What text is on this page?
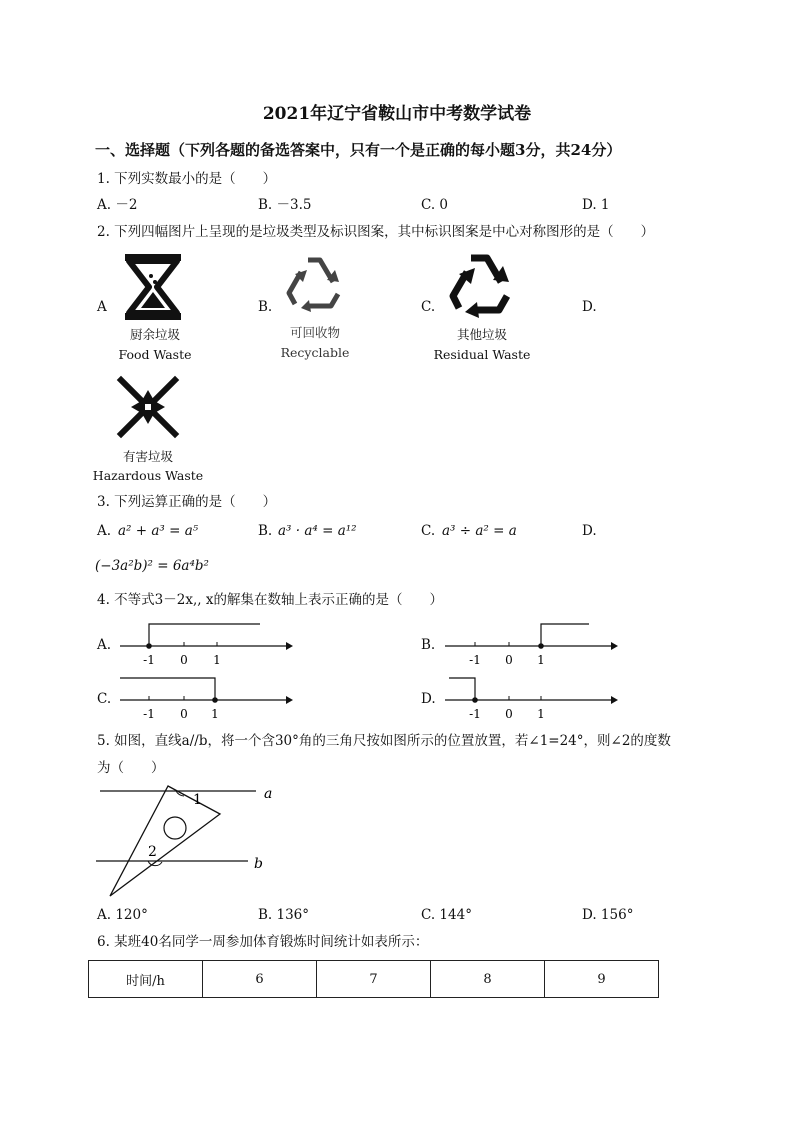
2021年辽宁省鞍山市中考数学试卷
一、选择题（下列各题的备选答案中，只有一个是正确的每小题3分，共24分）
1. 下列实数最小的是（　　）
A. －2	B. －3.5	C. 0	D. 1
2. 下列四幅图片上呈现的是垃圾类型及标识图案，其中标识图案是中心对称图形的是（　　）
A	B.	C.	D.
厨余垃圾
Food Waste
可回收物
Recyclable
其他垃圾
Residual Waste
有害垃圾
Hazardous Waste
3. 下列运算正确的是（　　）
A. a² + a³ = a⁵	B. a³ · a⁴ = a¹²	C. a³ ÷ a² = a	D.
(−3a²b)² = 6a⁴b²
4. 不等式3－2x,, x的解集在数轴上表示正确的是（　　）
A.	B.
C.	D.
-1 0 1	-1 0 1
-1 0 1	-1 0 1
5. 如图，直线a//b，将一个含30°角的三角尺按如图所示的位置放置，若∠1=24°，则∠2的度数
为（　　）
a
b
1
2
A. 120°	B. 136°	C. 144°	D. 156°
6. 某班40名同学一周参加体育锻炼时间统计如表所示：
时间/h	6	7	8	9
